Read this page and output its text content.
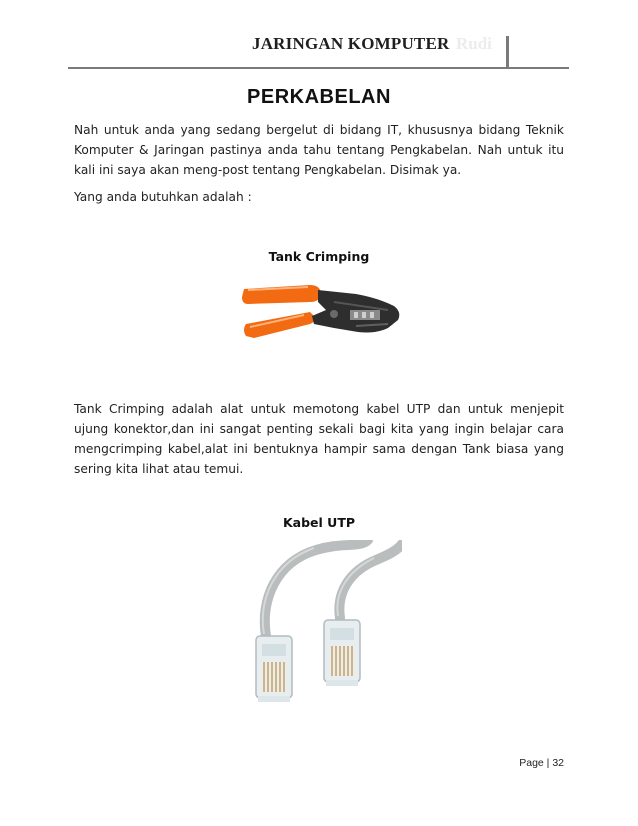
JARINGAN KOMPUTER Rudi
PERKABELAN
Nah untuk anda yang sedang bergelut di bidang IT, khususnya bidang Teknik Komputer & Jaringan pastinya anda tahu tentang Pengkabelan. Nah untuk itu kali ini saya akan meng-post tentang Pengkabelan. Disimak ya.
Yang anda butuhkan adalah :
Tank Crimping
Tank Crimping adalah alat untuk memotong kabel UTP dan untuk menjepit ujung konektor,dan ini sangat penting sekali bagi kita yang ingin belajar cara mengcrimping kabel,alat ini bentuknya hampir sama dengan Tank biasa yang sering kita lihat atau temui.
Kabel UTP
Page | 32
